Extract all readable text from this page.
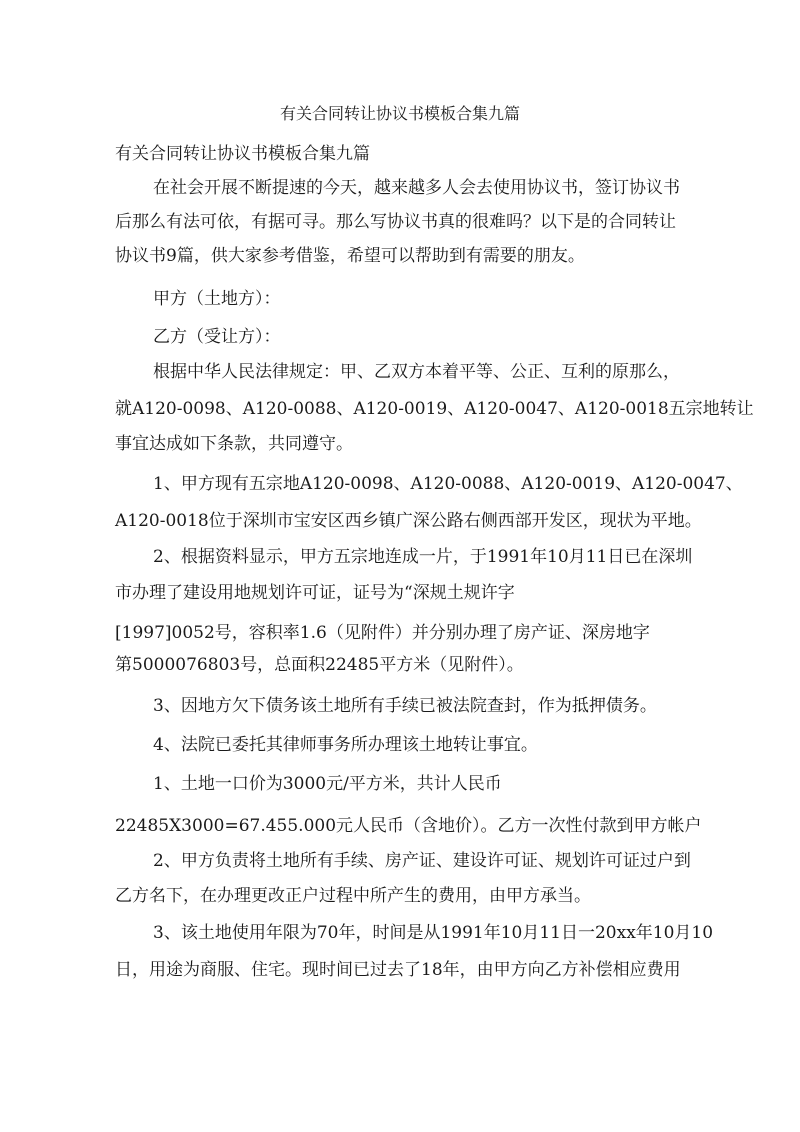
有关合同转让协议书模板合集九篇
有关合同转让协议书模板合集九篇
在社会开展不断提速的今天，越来越多人会去使用协议书，签订协议书
后那么有法可依，有据可寻。那么写协议书真的很难吗？以下是的合同转让
协议书9篇，供大家参考借鉴，希望可以帮助到有需要的朋友。
甲方（土地方）：
乙方（受让方）：
根据中华人民法律规定：甲、乙双方本着平等、公正、互利的原那么，
就A120-0098、A120-0088、A120-0019、A120-0047、A120-0018五宗地转让
事宜达成如下条款，共同遵守。
1、甲方现有五宗地A120-0098、A120-0088、A120-0019、A120-0047、
A120-0018位于深圳市宝安区西乡镇广深公路右侧西部开发区，现状为平地。
2、根据资料显示，甲方五宗地连成一片，于1991年10月11日已在深圳
市办理了建设用地规划许可证，证号为“深规土规许字
[1997]0052号，容积率1.6（见附件）并分别办理了房产证、深房地字
第5000076803号，总面积22485平方米（见附件）。
3、因地方欠下债务该土地所有手续已被法院查封，作为抵押债务。
4、法院已委托其律师事务所办理该土地转让事宜。
1、土地一口价为3000元/平方米，共计人民币
22485X3000=67.455.000元人民币（含地价）。乙方一次性付款到甲方帐户
2、甲方负责将土地所有手续、房产证、建设许可证、规划许可证过户到
乙方名下，在办理更改正户过程中所产生的费用，由甲方承当。
3、该土地使用年限为70年，时间是从1991年10月11日一20xx年10月10
日，用途为商服、住宅。现时间已过去了18年，由甲方向乙方补偿相应费用
